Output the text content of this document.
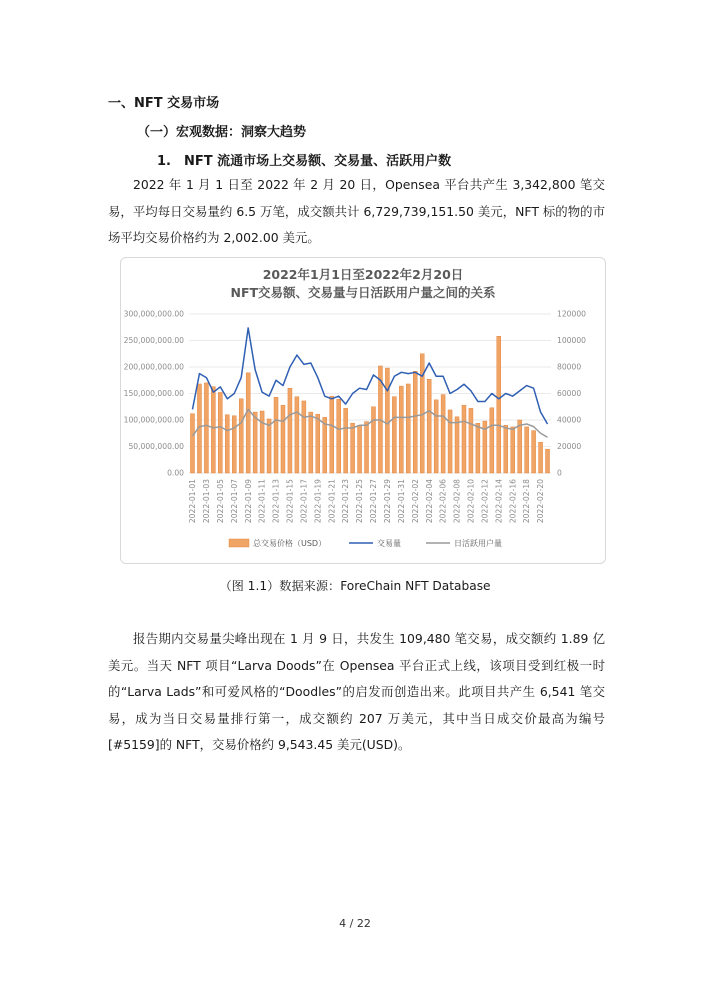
一、NFT 交易市场
（一）宏观数据：洞察大趋势
1.　NFT 流通市场上交易额、交易量、活跃用户数

2022 年 1 月 1 日至 2022 年 2 月 20 日，Opensea 平台共产生 3,342,800 笔交易，平均每日交易量约 6.5 万笔，成交额共计 6,729,739,151.50 美元，NFT 标的物的市场平均交易价格约为 2,002.00 美元。

2022年1月1日至2022年2月20日
NFT交易额、交易量与日活跃用户量之间的关系
0.00
50,000,000.00
100,000,000.00
150,000,000.00
200,000,000.00
250,000,000.00
300,000,000.00
0
20000
40000
60000
80000
100000
120000
2022-01-01 2022-01-03 2022-01-05 2022-01-07 2022-01-09 2022-01-11 2022-01-13 2022-01-15 2022-01-17 2022-01-19 2022-01-21 2022-01-23 2022-01-25 2022-01-27 2022-01-29 2022-01-31 2022-02-02 2022-02-04 2022-02-06 2022-02-08 2022-02-10 2022-02-12 2022-02-14 2022-02-16 2022-02-18 2022-02-20
总交易价格（USD）	交易量	日活跃用户量
（图 1.1）数据来源：ForeChain NFT Database

报告期内交易量尖峰出现在 1 月 9 日，共发生 109,480 笔交易，成交额约 1.89 亿美元。当天 NFT 项目“Larva Doods”在 Opensea 平台正式上线，该项目受到红极一时的“Larva Lads”和可爱风格的“Doodles”的启发而创造出来。此项目共产生 6,541 笔交易，成为当日交易量排行第一，成交额约 207 万美元，其中当日成交价最高为编号[#5159]的 NFT，交易价格约 9,543.45 美元(USD)。

4 / 22
